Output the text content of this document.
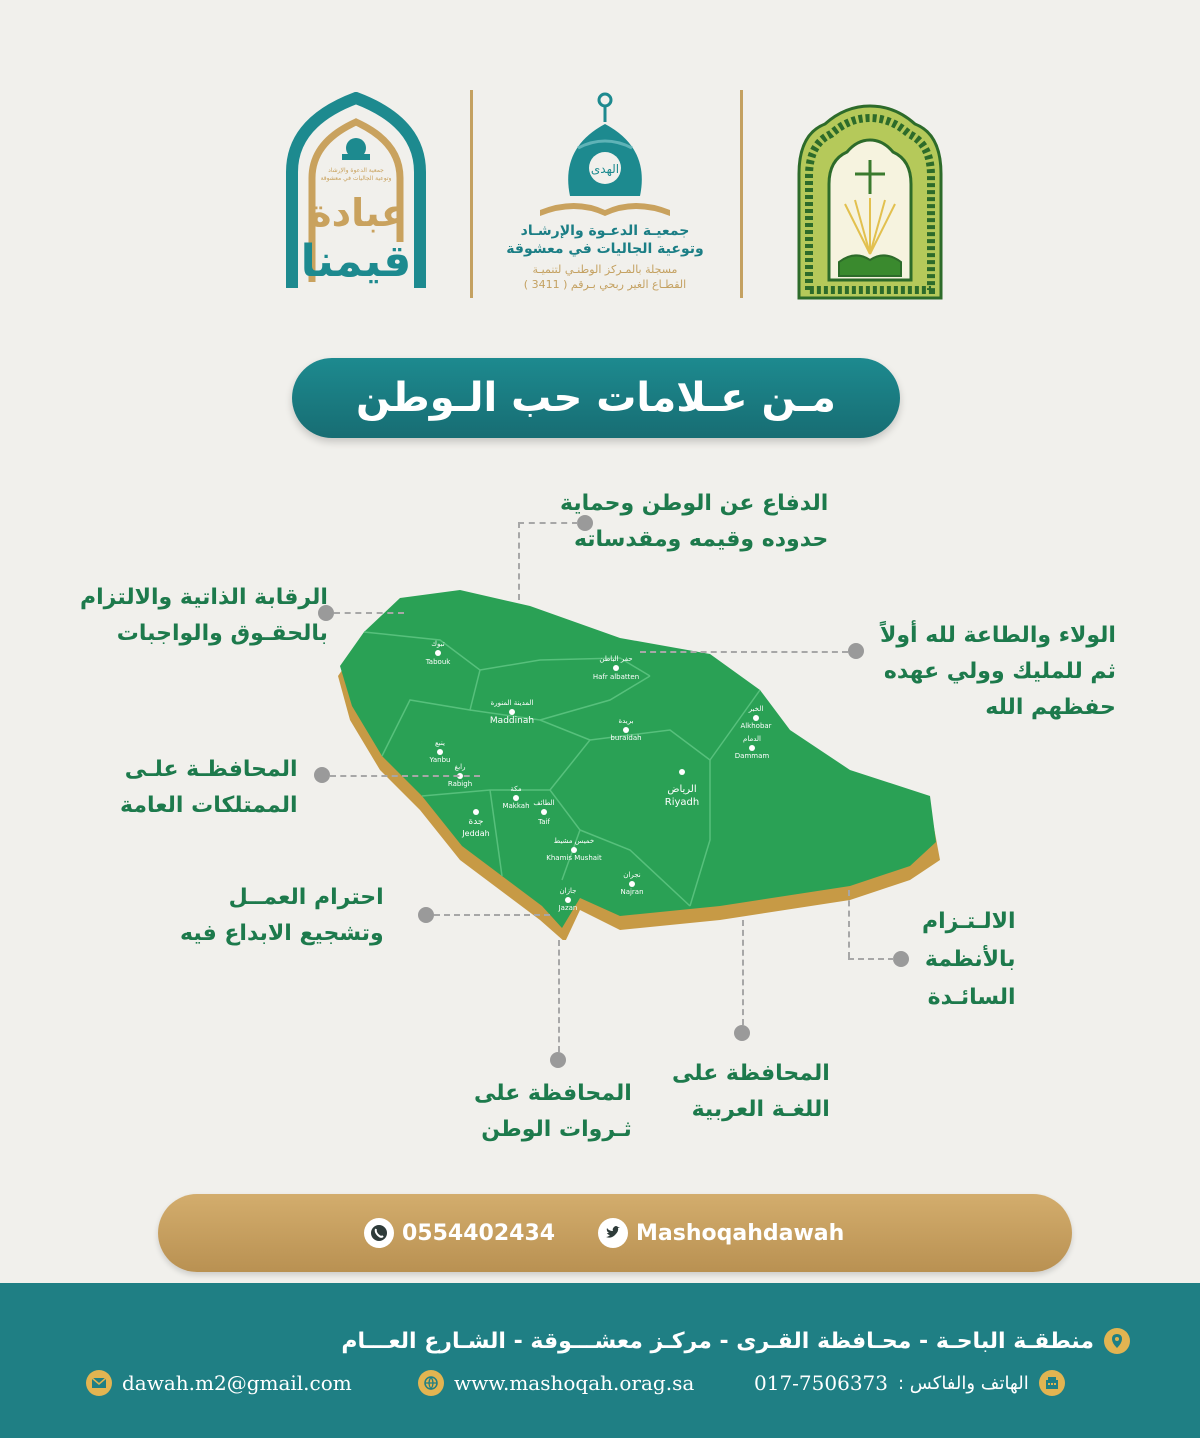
جمعية الدعوة والإرشاد
وتوعية الجاليات في معشوقة
عبادة
قيمنا
الهدى
جمعيـة الدعـوة والإرشـاد
وتوعية الجاليات في معشوقة
مسجلة بالمـركز الوطنـي لتنميـة
القطـاع الغير ربحي بـرقم ( 3411 )
مـن عـلامات حب الـوطن
تبوك
Tabouk	حفر الباطن
Hafr albatten
المدينة المنورة
Maddinah	بريدة
buraidah
الخبر
Alkhobar
الدمام
Dammam
ينبع
Yanbu
الرياض
Riyadh
رابغ
Rabigh
مكة
Makkah
جدة
Jeddah
الطائف
Taif
خميس مشيط
Khamis Mushait
نجران
Najran
جازان
Jazan
الدفاع عن الوطن وحماية
حدوده وقيمه ومقدساته
الرقابة الذاتية والالتزام
بالحقـوق والواجبات	الولاء والطاعة لله أولاً
ثم للمليك وولي عهده
حفظهم الله
المحافظـة علـى
الممتلكات العامة
احترام العمــل
وتشجيع الابداع فيه	الالـتـزام
بالأنظمة
السائـدة
المحافظة على
اللغـة العربية
المحافظة على
ثـروات الوطن
0554402434	Mashoqahdawah
منطقـة الباحـة - محـافظة القـرى - مركـز معشـــوقة - الشـارع العـــام
dawah.m2@gmail.com	www.mashoqah.orag.sa	017-7506373 الهاتف والفاكس :
